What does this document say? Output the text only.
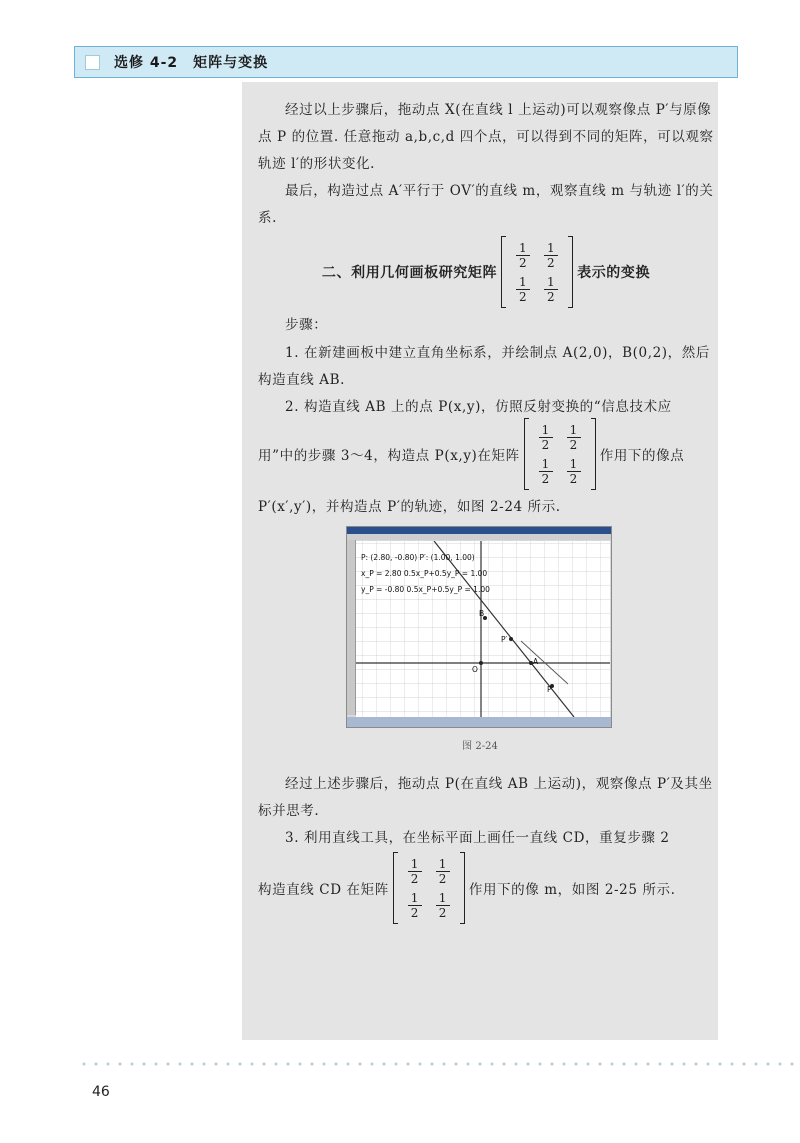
选修 4-2　矩阵与变换

经过以上步骤后，拖动点 X(在直线 l 上运动)可以观察像点 P′与原像点 P 的位置. 任意拖动 a,b,c,d 四个点，可以得到不同的矩阵，可以观察轨迹 l′的形状变化.

最后，构造过点 A′平行于 OV′的直线 m，观察直线 m 与轨迹 l′的关系.

二、利用几何画板研究矩阵
$\frac{1}{2} \frac{1}{2}$
$\frac{1}{2} \frac{1}{2}$
表示的变换

步骤：

1. 在新建画板中建立直角坐标系，并绘制点 A(2,0)，B(0,2)，然后构造直线 AB.

2. 构造直线 AB 上的点 P(x,y)，仿照反射变换的“信息技术应

用”中的步骤 3～4，构造点 P(x,y)在矩阵
$\frac{1}{2} \frac{1}{2}$
$\frac{1}{2} \frac{1}{2}$
作用下的像点

P′(x′,y′)，并构造点 P′的轨迹，如图 2-24 所示.

P: (2.80, -0.80) P′: (1.00, 1.00)
x_P = 2.80 0.5x_P+0.5y_P = 1.00
y_P = -0.80 0.5x_P+0.5y_P = 1.00
B
P′
A
P
O
图 2-24

经过上述步骤后，拖动点 P(在直线 AB 上运动)，观察像点 P′及其坐标并思考.

3. 利用直线工具，在坐标平面上画任一直线 CD，重复步骤 2

构造直线 CD 在矩阵
$\frac{1}{2} \frac{1}{2}$
$\frac{1}{2} \frac{1}{2}$
作用下的像 m，如图 2-25 所示.
46
